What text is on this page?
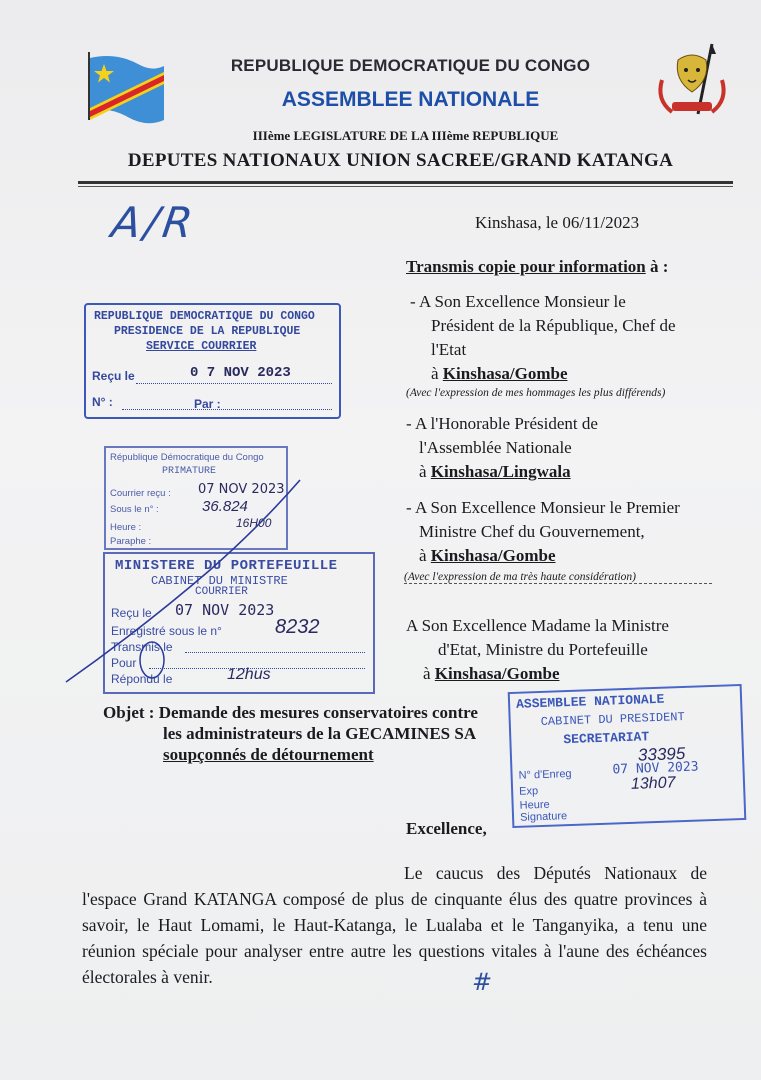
REPUBLIQUE DEMOCRATIQUE DU CONGO
ASSEMBLEE NATIONALE
IIIème LEGISLATURE DE LA IIIème REPUBLIQUE
DEPUTES NATIONAUX UNION SACREE/GRAND KATANGA
A/R	Kinshasa, le 06/11/2023
Transmis copie pour information à :
- A Son Excellence Monsieur le
Président de la République, Chef de
l'Etat
à Kinshasa/Gombe
(Avec l'expression de mes hommages les plus différends)
- A l'Honorable Président de
l'Assemblée Nationale
à Kinshasa/Lingwala
- A Son Excellence Monsieur le Premier
Ministre Chef du Gouvernement,
à Kinshasa/Gombe
(Avec l'expression de ma très haute considération)
A Son Excellence Madame la Ministre
d'Etat, Ministre du Portefeuille
à Kinshasa/Gombe
REPUBLIQUE DEMOCRATIQUE DU CONGO
PRESIDENCE DE LA REPUBLIQUE
SERVICE COURRIER
Reçu le	0 7 NOV 2023
N° :	Par :
République Démocratique du Congo
PRIMATURE
Courrier reçu : 07 NOV 2023
Sous le n° :	36.824
Heure :	16H00
Paraphe :
MINISTERE DU PORTEFEUILLE
CABINET DU MINISTRE
COURRIER
Reçu le 07 NOV 2023
Enregistré sous le n°	8232
Transmis le
Pour
Répondu le	12hus
Objet : Demande des mesures conservatoires contre
les administrateurs de la GECAMINES SA
soupçonnés de détournement
ASSEMBLEE NATIONALE
CABINET DU PRESIDENT
SECRETARIAT
N° d'Enreg
33395
07 NOV 2023
Exp	13h07
Heure
Signature
Excellence,
Le caucus des Députés Nationaux de l'espace Grand KATANGA composé de plus de cinquante élus des quatre provinces à savoir, le Haut Lomami, le Haut-Katanga, le Lualaba et le Tanganyika, a tenu une réunion spéciale pour analyser entre autre les questions vitales à l'aune des échéances électorales à venir.	#
